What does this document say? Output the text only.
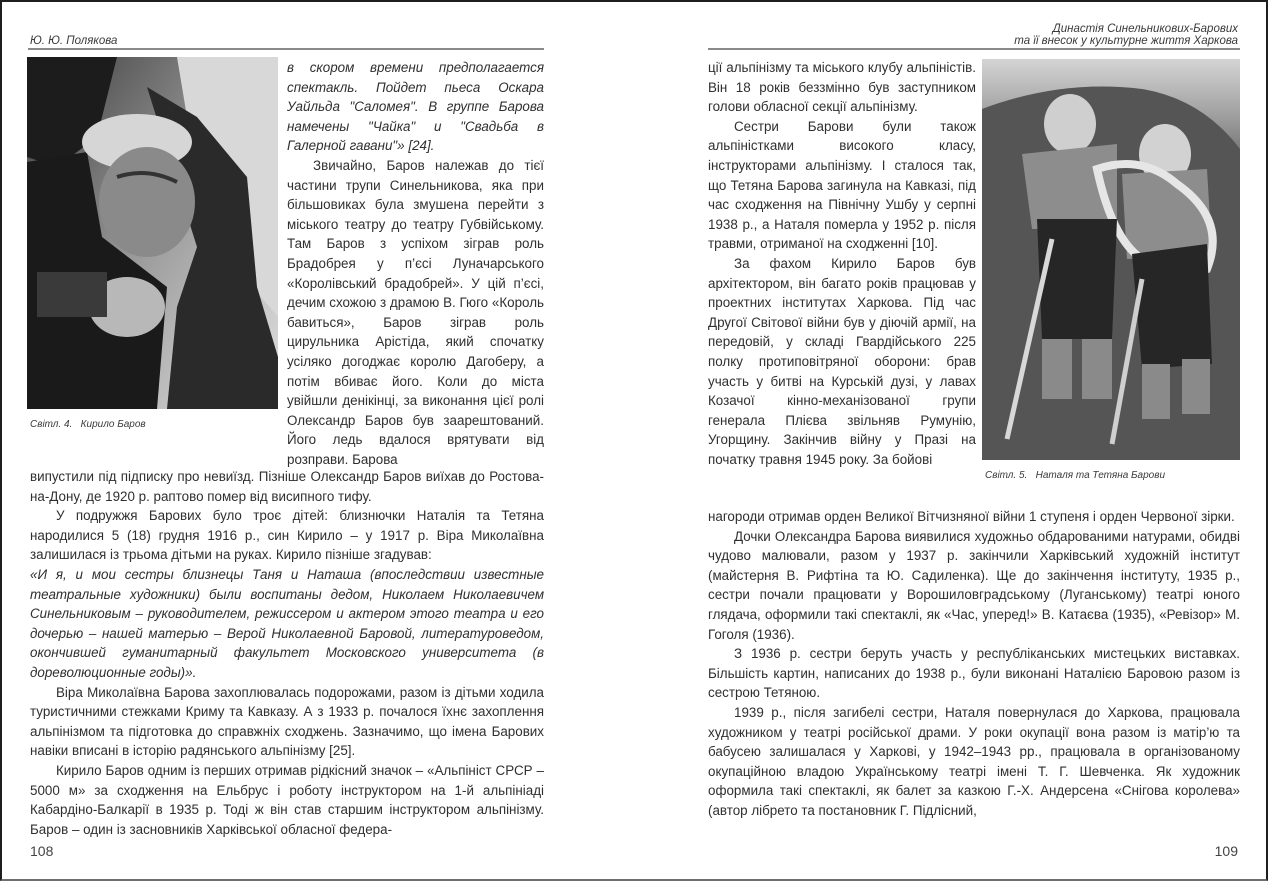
Ю. Ю. Полякова
Світл. 4.   Кирило Баров

в скором времени предполагается спектакль. Пойдет пьеса Оскара Уайльда "Саломея". В группе Барова намечены "Чайка" и "Свадьба в Галерной гавани"» [24].

Звичайно, Баров належав до тієї частини трупи Синельникова, яка при більшовиках була змушена перейти з міського театру до театру Губвійському. Там Баров з успіхом зіграв роль Брадобрея у п’єсі Луначарського «Королівський брадобрей». У цій п’єсі, дечим схожою з драмою В. Гюго «Король бавиться», Баров зіграв роль цирульника Арістіда, який спочатку усіляко догоджає королю Дагоберу, а потім вбиває його. Коли до міста увійшли денікінці, за виконання цієї ролі Олександр Баров був заарештований. Його ледь вдалося врятувати від розправи. Барова

випустили під підписку про невиїзд. Пізніше Олександр Баров виїхав до Ростова-на-Дону, де 1920 р. раптово помер від висипного тифу.

У подружжя Барових було троє дітей: близнючки Наталія та Тетяна народилися 5 (18) грудня 1916 р., син Кирило – у 1917 р. Віра Миколаївна залишилася із трьома дітьми на руках. Кирило пізніше згадував:

«И я, и мои сестры близнецы Таня и Наташа (впоследствии известные театральные художники) были воспитаны дедом, Николаем Николаевичем Синельниковым – руководителем, режиссером и актером этого театра и его дочерью – нашей матерью – Верой Николаевной Баровой, литературоведом, окончившей гуманитарный факультет Московского университета (в дореволюционные годы)».

Віра Миколаївна Барова захоплювалась подорожами, разом із дітьми ходила туристичними стежками Криму та Кавказу. А з 1933 р. почалося їхнє захоплення альпінізмом та підготовка до справжніх сходжень. Зазначимо, що імена Барових навіки вписані в історію радянського альпінізму [25].

Кирило Баров одним із перших отримав рідкісний значок – «Альпініст СРСР – 5000 м» за сходження на Ельбрус і роботу інструктором на 1-й альпініаді Кабардіно-Балкарії в 1935 р. Тоді ж він став старшим інструктором альпінізму. Баров – один із засновників Харківської обласної федера-

108
Династія Синельникових-Барових
та її внесок у культурне життя Харкова

ції альпінізму та міського клубу альпіністів. Він 18 років беззмінно був заступником голови обласної секції альпінізму.

Сестри Барови були також альпіністками високого класу, інструкторами альпінізму. І сталося так, що Тетяна Барова загинула на Кавказі, під час сходження на Північну Ушбу у серпні 1938 р., а Наталя померла у 1952 р. після травми, отриманої на сходженні [10].

За фахом Кирило Баров був архітектором, він багато років працював у проектних інститутах Харкова. Під час Другої Світової війни був у діючій армії, на передовій, у складі Гвардійського 225 полку протиповітряної оборони: брав участь у битві на Курській дузі, у лавах Козачої кінно-механізованої групи генерала Плієва звільняв Румунію, Угорщину. Закінчив війну у Празі на початку травня 1945 року. За бойові

Світл. 5.   Наталя та Тетяна Барови

нагороди отримав орден Великої Вітчизняної війни 1 ступеня і орден Червоної зірки.

Дочки Олександра Барова виявилися художньо обдарованими натурами, обидві чудово малювали, разом у 1937 р. закінчили Харківський художній інститут (майстерня В. Рифтіна та Ю. Садиленка). Ще до закінчення інституту, 1935 р., сестри почали працювати у Ворошиловградському (Луганському) театрі юного глядача, оформили такі спектаклі, як «Час, уперед!» В. Катаєва (1935), «Ревізор» М. Гоголя (1936).

З 1936 р. сестри беруть участь у республіканських мистецьких виставках. Більшість картин, написаних до 1938 р., були виконані Наталією Баровою разом із сестрою Тетяною.

1939 р., після загибелі сестри, Наталя повернулася до Харкова, працювала художником у театрі російської драми. У роки окупації вона разом із матір’ю та бабусею залишалася у Харкові, у 1942–1943 рр., працювала в організованому окупаційною владою Українському театрі імені Т. Г. Шевченка. Як художник оформила такі спектаклі, як балет за казкою Г.-Х. Андерсена «Снігова королева» (автор лібрето та постановник Г. Підлісний,

109
